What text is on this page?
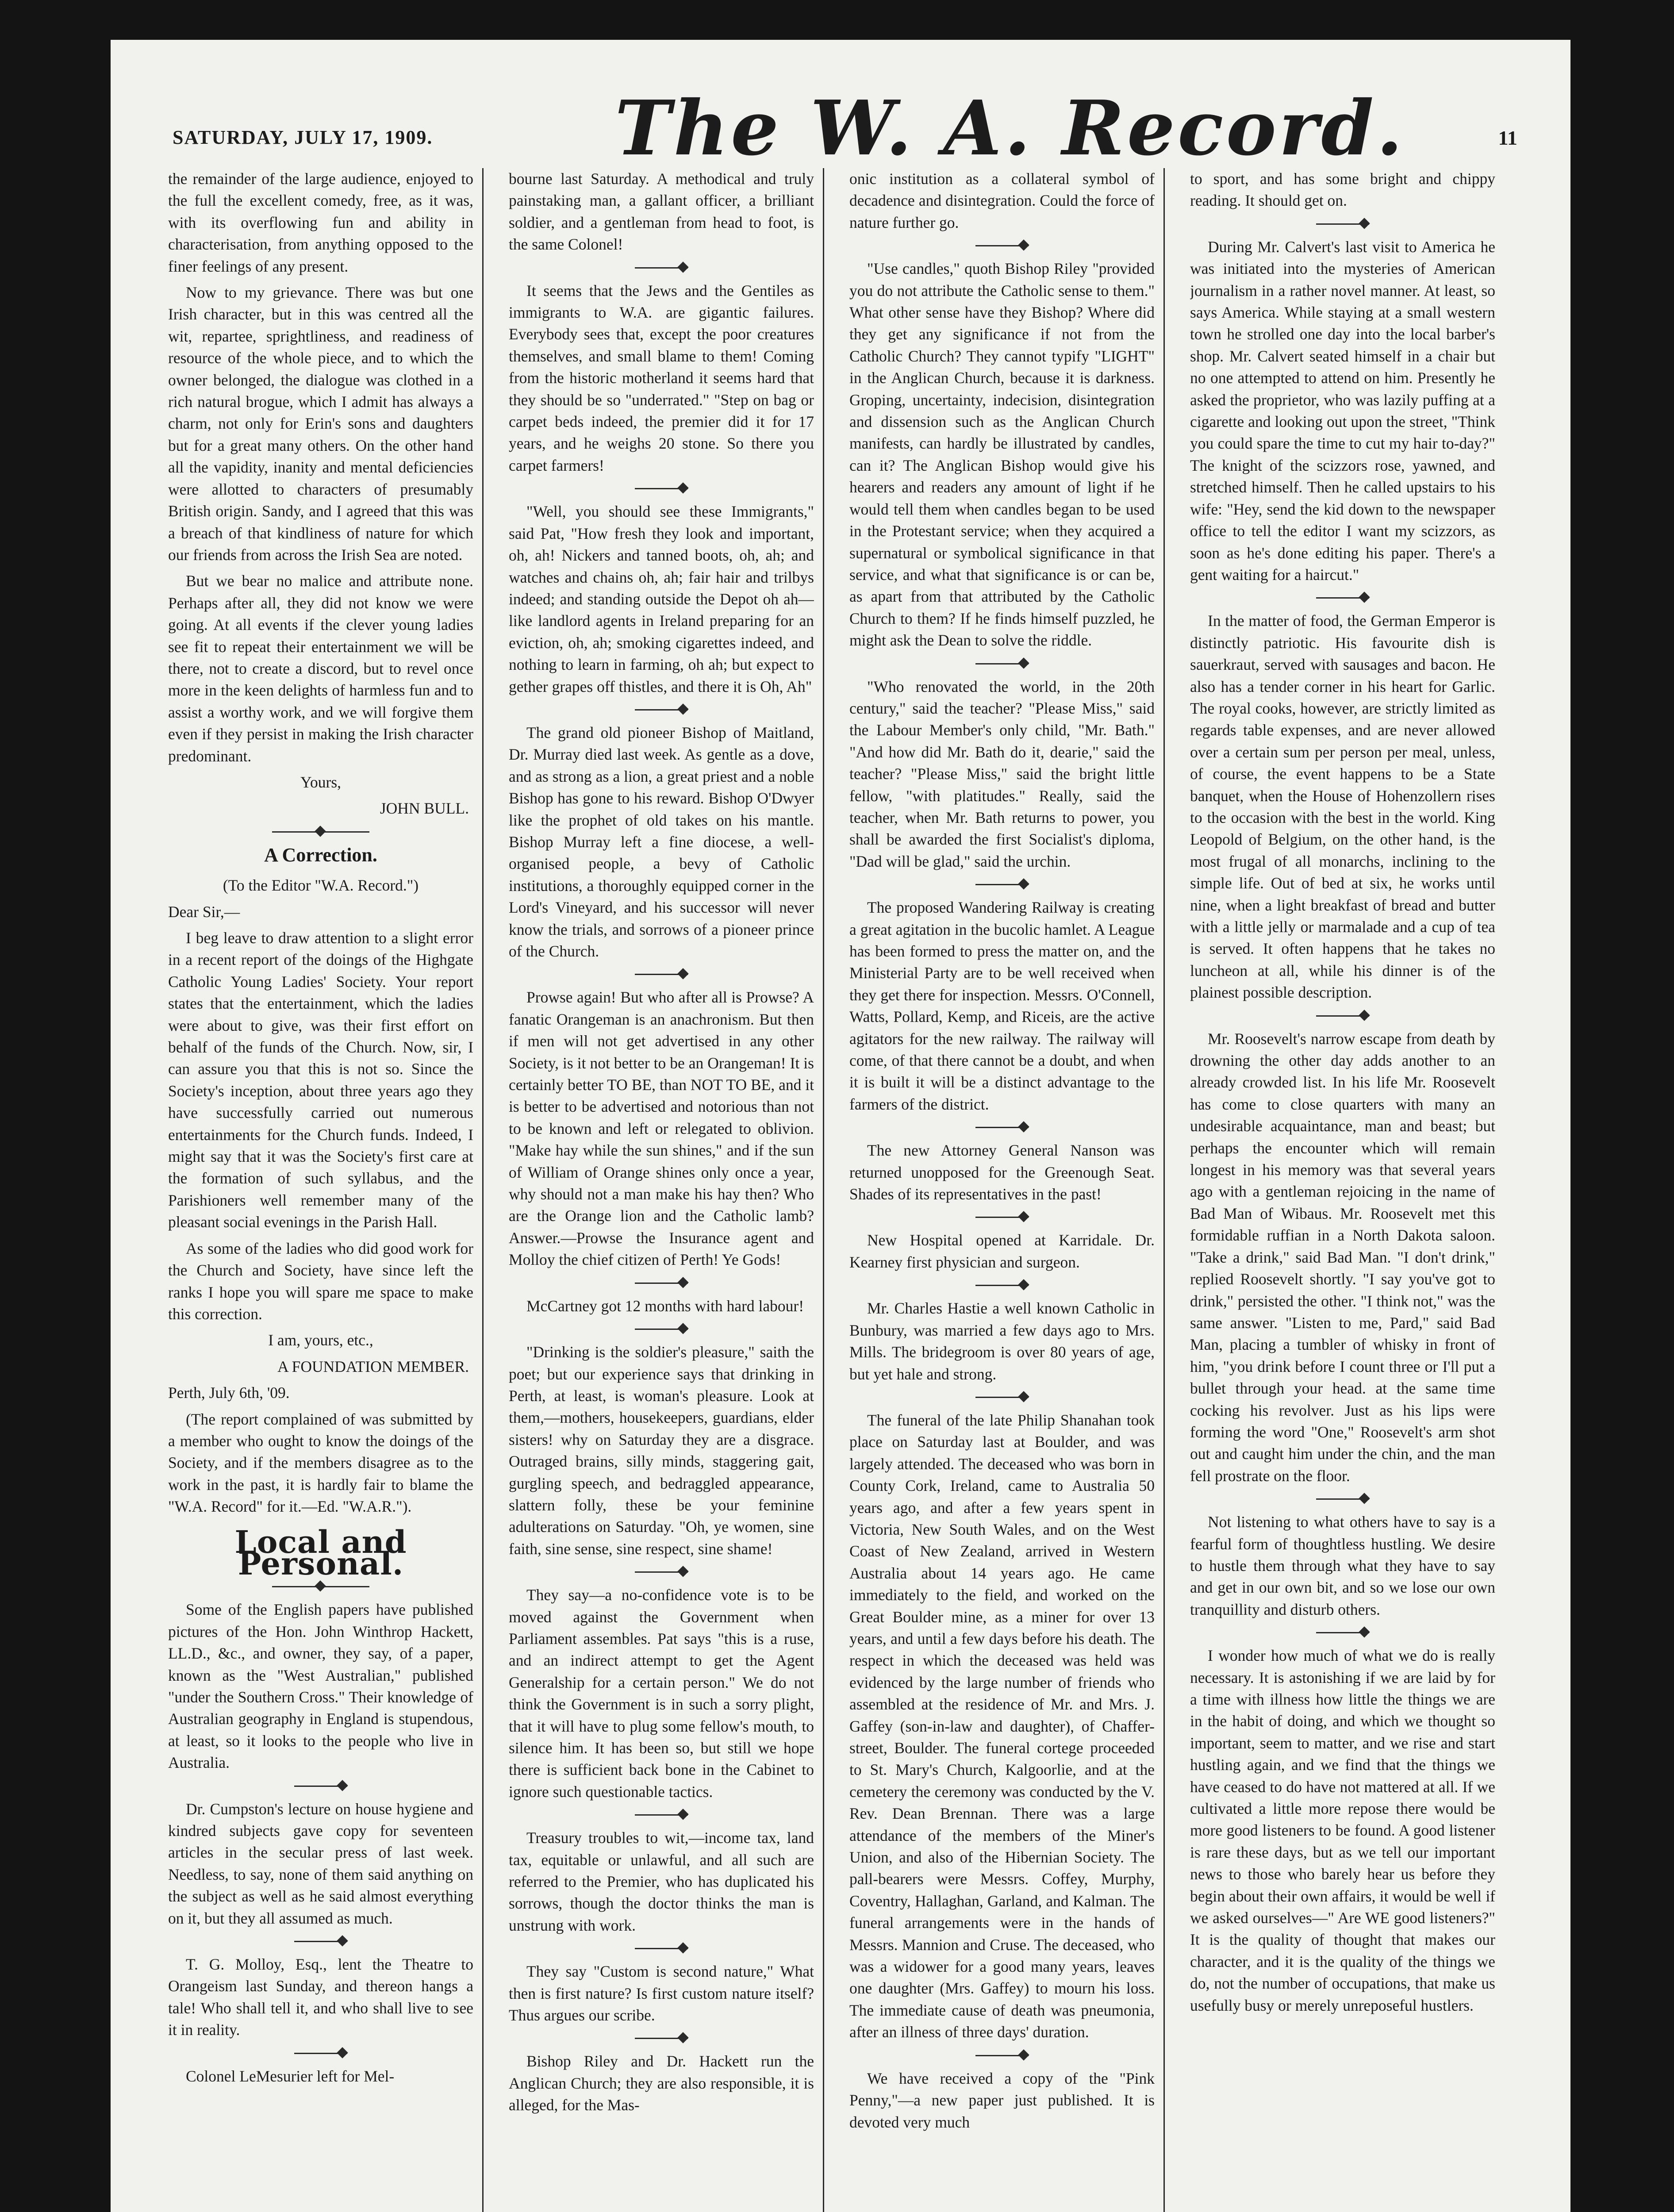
SATURDAY, JULY 17, 1909. The W. A. Record.	11

the remainder of the large audience, enjoyed to the full the excellent comedy, free, as it was, with its overflowing fun and ability in characterisation, from anything opposed to the finer feelings of any present.

Now to my grievance. There was but one Irish character, but in this was centred all the wit, repartee, sprightliness, and readiness of resource of the whole piece, and to which the owner belonged, the dialogue was clothed in a rich natural brogue, which I admit has always a charm, not only for Erin's sons and daughters but for a great many others. On the other hand all the vapidity, inanity and mental deficiencies were allotted to characters of presumably British origin. Sandy, and I agreed that this was a breach of that kindliness of nature for which our friends from across the Irish Sea are noted.

But we bear no malice and attribute none. Perhaps after all, they did not know we were going. At all events if the clever young ladies see fit to repeat their entertainment we will be there, not to create a discord, but to revel once more in the keen delights of harmless fun and to assist a worthy work, and we will forgive them even if they persist in making the Irish character predominant.

Yours,

JOHN BULL.

A Correction.

(To the Editor "W.A. Record.")

Dear Sir,—

I beg leave to draw attention to a slight error in a recent report of the doings of the Highgate Catholic Young Ladies' Society. Your report states that the entertainment, which the ladies were about to give, was their first effort on behalf of the funds of the Church. Now, sir, I can assure you that this is not so. Since the Society's inception, about three years ago they have successfully carried out numerous entertainments for the Church funds. Indeed, I might say that it was the Society's first care at the formation of such syllabus, and the Parishioners well remember many of the pleasant social evenings in the Parish Hall.

As some of the ladies who did good work for the Church and Society, have since left the ranks I hope you will spare me space to make this correction.

I am, yours, etc.,

A FOUNDATION MEMBER.

Perth, July 6th, '09.

(The report complained of was submitted by a member who ought to know the doings of the Society, and if the members disagree as to the work in the past, it is hardly fair to blame the "W.A. Record" for it.—Ed. "W.A.R.").

Local and Personal.

Some of the English papers have published pictures of the Hon. John Winthrop Hackett, LL.D., &c., and owner, they say, of a paper, known as the "West Australian," published "under the Southern Cross." Their knowledge of Australian geography in England is stupendous, at least, so it looks to the people who live in Australia.

Dr. Cumpston's lecture on house hygiene and kindred subjects gave copy for seventeen articles in the secular press of last week. Needless, to say, none of them said anything on the subject as well as he said almost everything on it, but they all assumed as much.

T. G. Molloy, Esq., lent the Theatre to Orangeism last Sunday, and thereon hangs a tale! Who shall tell it, and who shall live to see it in reality.

Colonel LeMesurier left for Mel-

bourne last Saturday. A methodical and truly painstaking man, a gallant officer, a brilliant soldier, and a gentleman from head to foot, is the same Colonel!

It seems that the Jews and the Gentiles as immigrants to W.A. are gigantic failures. Everybody sees that, except the poor creatures themselves, and small blame to them! Coming from the historic motherland it seems hard that they should be so "underrated." "Step on bag or carpet beds indeed, the premier did it for 17 years, and he weighs 20 stone. So there you carpet farmers!

"Well, you should see these Immigrants," said Pat, "How fresh they look and important, oh, ah! Nickers and tanned boots, oh, ah; and watches and chains oh, ah; fair hair and trilbys indeed; and standing outside the Depot oh ah—like landlord agents in Ireland preparing for an eviction, oh, ah; smoking cigarettes indeed, and nothing to learn in farming, oh ah; but expect to gether grapes off thistles, and there it is Oh, Ah"

The grand old pioneer Bishop of Maitland, Dr. Murray died last week. As gentle as a dove, and as strong as a lion, a great priest and a noble Bishop has gone to his reward. Bishop O'Dwyer like the prophet of old takes on his mantle. Bishop Murray left a fine diocese, a well-organised people, a bevy of Catholic institutions, a thoroughly equipped corner in the Lord's Vineyard, and his successor will never know the trials, and sorrows of a pioneer prince of the Church.

Prowse again! But who after all is Prowse? A fanatic Orangeman is an anachronism. But then if men will not get advertised in any other Society, is it not better to be an Orangeman! It is certainly better TO BE, than NOT TO BE, and it is better to be advertised and notorious than not to be known and left or relegated to oblivion. "Make hay while the sun shines," and if the sun of William of Orange shines only once a year, why should not a man make his hay then? Who are the Orange lion and the Catholic lamb? Answer.—Prowse the Insurance agent and Molloy the chief citizen of Perth! Ye Gods!

McCartney got 12 months with hard labour!

"Drinking is the soldier's pleasure," saith the poet; but our experience says that drinking in Perth, at least, is woman's pleasure. Look at them,—mothers, housekeepers, guardians, elder sisters! why on Saturday they are a disgrace. Outraged brains, silly minds, staggering gait, gurgling speech, and bedraggled appearance, slattern folly, these be your feminine adulterations on Saturday. "Oh, ye women, sine faith, sine sense, sine respect, sine shame!

They say—a no-confidence vote is to be moved against the Government when Parliament assembles. Pat says "this is a ruse, and an indirect attempt to get the Agent Generalship for a certain person." We do not think the Government is in such a sorry plight, that it will have to plug some fellow's mouth, to silence him. It has been so, but still we hope there is sufficient back bone in the Cabinet to ignore such questionable tactics.

Treasury troubles to wit,—income tax, land tax, equitable or unlawful, and all such are referred to the Premier, who has duplicated his sorrows, though the doctor thinks the man is unstrung with work.

They say "Custom is second nature," What then is first nature? Is first custom nature itself? Thus argues our scribe.

Bishop Riley and Dr. Hackett run the Anglican Church; they are also responsible, it is alleged, for the Mas-

onic institution as a collateral symbol of decadence and disintegration. Could the force of nature further go.

"Use candles," quoth Bishop Riley "provided you do not attribute the Catholic sense to them." What other sense have they Bishop? Where did they get any significance if not from the Catholic Church? They cannot typify "LIGHT" in the Anglican Church, because it is darkness. Groping, uncertainty, indecision, disintegration and dissension such as the Anglican Church manifests, can hardly be illustrated by candles, can it? The Anglican Bishop would give his hearers and readers any amount of light if he would tell them when candles began to be used in the Protestant service; when they acquired a supernatural or symbolical significance in that service, and what that significance is or can be, as apart from that attributed by the Catholic Church to them? If he finds himself puzzled, he might ask the Dean to solve the riddle.

"Who renovated the world, in the 20th century," said the teacher? "Please Miss," said the Labour Member's only child, "Mr. Bath." "And how did Mr. Bath do it, dearie," said the teacher? "Please Miss," said the bright little fellow, "with platitudes." Really, said the teacher, when Mr. Bath returns to power, you shall be awarded the first Socialist's diploma, "Dad will be glad," said the urchin.

The proposed Wandering Railway is creating a great agitation in the bucolic hamlet. A League has been formed to press the matter on, and the Ministerial Party are to be well received when they get there for inspection. Messrs. O'Connell, Watts, Pollard, Kemp, and Riceis, are the active agitators for the new railway. The railway will come, of that there cannot be a doubt, and when it is built it will be a distinct advantage to the farmers of the district.

The new Attorney General Nanson was returned unopposed for the Greenough Seat. Shades of its representatives in the past!

New Hospital opened at Karridale. Dr. Kearney first physician and surgeon.

Mr. Charles Hastie a well known Catholic in Bunbury, was married a few days ago to Mrs. Mills. The bridegroom is over 80 years of age, but yet hale and strong.

The funeral of the late Philip Shanahan took place on Saturday last at Boulder, and was largely attended. The deceased who was born in County Cork, Ireland, came to Australia 50 years ago, and after a few years spent in Victoria, New South Wales, and on the West Coast of New Zealand, arrived in Western Australia about 14 years ago. He came immediately to the field, and worked on the Great Boulder mine, as a miner for over 13 years, and until a few days before his death. The respect in which the deceased was held was evidenced by the large number of friends who assembled at the residence of Mr. and Mrs. J. Gaffey (son-in-law and daughter), of Chaffer-street, Boulder. The funeral cortege proceeded to St. Mary's Church, Kalgoorlie, and at the cemetery the ceremony was conducted by the V. Rev. Dean Brennan. There was a large attendance of the members of the Miner's Union, and also of the Hibernian Society. The pall-bearers were Messrs. Coffey, Murphy, Coventry, Hallaghan, Garland, and Kalman. The funeral arrangements were in the hands of Messrs. Mannion and Cruse. The deceased, who was a widower for a good many years, leaves one daughter (Mrs. Gaffey) to mourn his loss. The immediate cause of death was pneumonia, after an illness of three days' duration.

We have received a copy of the "Pink Penny,"—a new paper just published. It is devoted very much

to sport, and has some bright and chippy reading. It should get on.

During Mr. Calvert's last visit to America he was initiated into the mysteries of American journalism in a rather novel manner. At least, so says America. While staying at a small western town he strolled one day into the local barber's shop. Mr. Calvert seated himself in a chair but no one attempted to attend on him. Presently he asked the proprietor, who was lazily puffing at a cigarette and looking out upon the street, "Think you could spare the time to cut my hair to-day?" The knight of the scizzors rose, yawned, and stretched himself. Then he called upstairs to his wife: "Hey, send the kid down to the newspaper office to tell the editor I want my scizzors, as soon as he's done editing his paper. There's a gent waiting for a haircut."

In the matter of food, the German Emperor is distinctly patriotic. His favourite dish is sauerkraut, served with sausages and bacon. He also has a tender corner in his heart for Garlic. The royal cooks, however, are strictly limited as regards table expenses, and are never allowed over a certain sum per person per meal, unless, of course, the event happens to be a State banquet, when the House of Hohenzollern rises to the occasion with the best in the world. King Leopold of Belgium, on the other hand, is the most frugal of all monarchs, inclining to the simple life. Out of bed at six, he works until nine, when a light breakfast of bread and butter with a little jelly or marmalade and a cup of tea is served. It often happens that he takes no luncheon at all, while his dinner is of the plainest possible description.

Mr. Roosevelt's narrow escape from death by drowning the other day adds another to an already crowded list. In his life Mr. Roosevelt has come to close quarters with many an undesirable acquaintance, man and beast; but perhaps the encounter which will remain longest in his memory was that several years ago with a gentleman rejoicing in the name of Bad Man of Wibaus. Mr. Roosevelt met this formidable ruffian in a North Dakota saloon. "Take a drink," said Bad Man. "I don't drink," replied Roosevelt shortly. "I say you've got to drink," persisted the other. "I think not," was the same answer. "Listen to me, Pard," said Bad Man, placing a tumbler of whisky in front of him, "you drink before I count three or I'll put a bullet through your head. at the same time cocking his revolver. Just as his lips were forming the word "One," Roosevelt's arm shot out and caught him under the chin, and the man fell prostrate on the floor.

Not listening to what others have to say is a fearful form of thoughtless hustling. We desire to hustle them through what they have to say and get in our own bit, and so we lose our own tranquillity and disturb others.

I wonder how much of what we do is really necessary. It is astonishing if we are laid by for a time with illness how little the things we are in the habit of doing, and which we thought so important, seem to matter, and we rise and start hustling again, and we find that the things we have ceased to do have not mattered at all. If we cultivated a little more repose there would be more good listeners to be found. A good listener is rare these days, but as we tell our important news to those who barely hear us before they begin about their own affairs, it would be well if we asked ourselves—" Are WE good listeners?" It is the quality of thought that makes our character, and it is the quality of the things we do, not the number of occupations, that make us usefully busy or merely unreposeful hustlers.
